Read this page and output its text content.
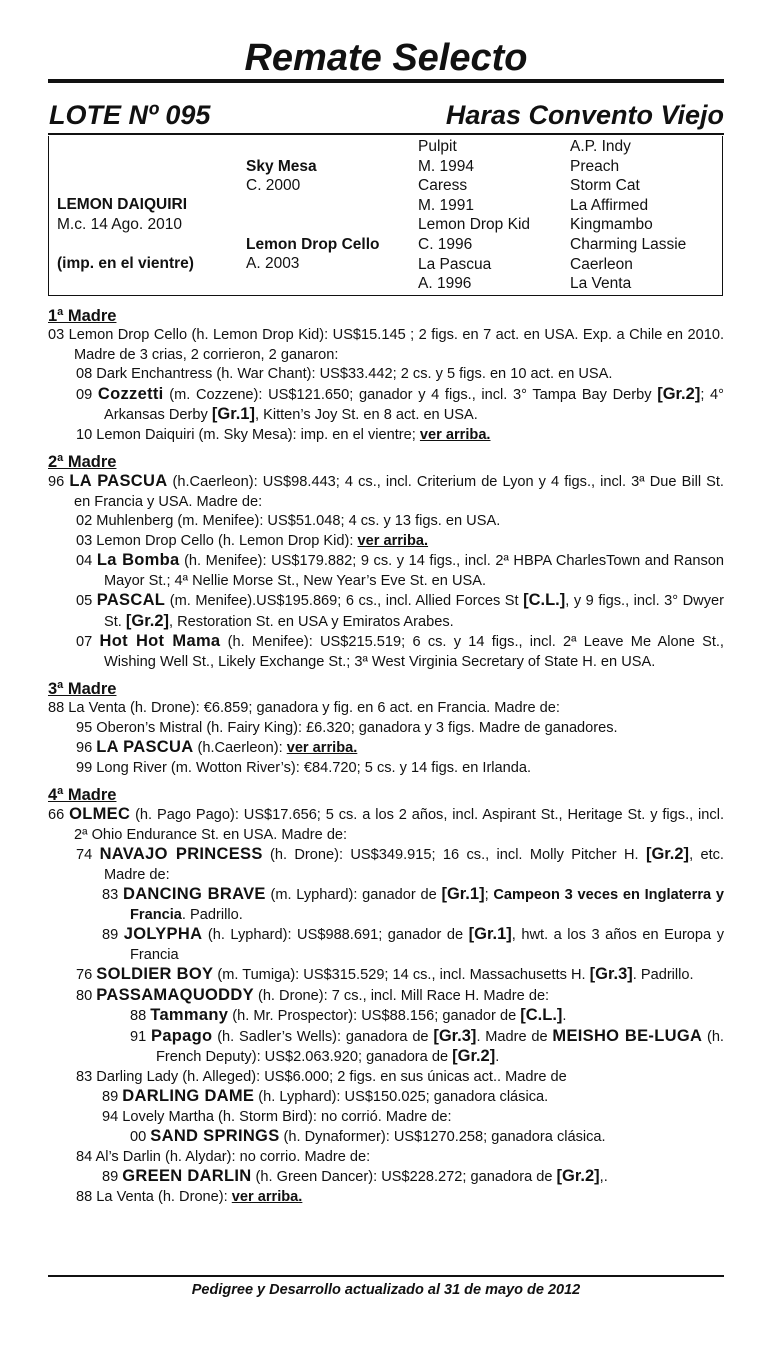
Remate Selecto
LOTE Nº 095	Haras Convento Viejo
LEMON DAIQUIRI
M.c. 14 Ago. 2010
(imp. en el vientre)
Sky Mesa
C. 2000
Lemon Drop Cello
A. 2003
Pulpit
M. 1994
Caress
M. 1991
Lemon Drop Kid
C. 1996
La Pascua
A. 1996
A.P. Indy
Preach
Storm Cat
La Affirmed
Kingmambo
Charming Lassie
Caerleon
La Venta
1ª Madre
03 Lemon Drop Cello (h. Lemon Drop Kid): US$15.145 ; 2 figs. en 7 act. en USA. Exp. a Chile en 2010. Madre de 3 crias, 2 corrieron, 2 ganaron:
08 Dark Enchantress (h. War Chant): US$33.442; 2 cs. y 5 figs. en 10 act. en USA.
09 Cozzetti (m. Cozzene): US$121.650; ganador y 4 figs., incl. 3° Tampa Bay Derby [Gr.2]; 4° Arkansas Derby [Gr.1], Kitten’s Joy St. en 8 act. en USA.
10 Lemon Daiquiri (m. Sky Mesa): imp. en el vientre; ver arriba.
2ª Madre
96 LA PASCUA (h.Caerleon): US$98.443; 4 cs., incl. Criterium de Lyon y 4 figs., incl. 3ª Due Bill St. en Francia y USA. Madre de:
02 Muhlenberg (m. Menifee): US$51.048; 4 cs. y 13 figs. en USA.
03 Lemon Drop Cello (h. Lemon Drop Kid): ver arriba.
04 La Bomba (h. Menifee): US$179.882; 9 cs. y 14 figs., incl. 2ª HBPA CharlesTown and Ranson Mayor St.; 4ª Nellie Morse St., New Year’s Eve St. en USA.
05 PASCAL (m. Menifee).US$195.869; 6 cs., incl. Allied Forces St [C.L.], y 9 figs., incl. 3° Dwyer St. [Gr.2], Restoration St. en USA y Emiratos Arabes.
07 Hot Hot Mama (h. Menifee): US$215.519; 6 cs. y 14 figs., incl. 2ª Leave Me Alone St., Wishing Well St., Likely Exchange St.; 3ª West Virginia Secretary of State H. en USA.
3ª Madre
88 La Venta (h. Drone): €6.859; ganadora y fig. en 6 act. en Francia. Madre de:
95 Oberon’s Mistral (h. Fairy King): £6.320; ganadora y 3 figs. Madre de ganadores.
96 LA PASCUA (h.Caerleon): ver arriba.
99 Long River (m. Wotton River’s): €84.720; 5 cs. y 14 figs. en Irlanda.
4ª Madre
66 OLMEC (h. Pago Pago): US$17.656; 5 cs. a los 2 años, incl. Aspirant St., Heritage St. y figs., incl. 2ª Ohio Endurance St. en USA. Madre de:
74 NAVAJO PRINCESS (h. Drone): US$349.915; 16 cs., incl. Molly Pitcher H. [Gr.2], etc. Madre de:
83 DANCING BRAVE (m. Lyphard): ganador de [Gr.1]; Campeon 3 veces en Inglaterra y Francia. Padrillo.
89 JOLYPHA (h. Lyphard): US$988.691; ganador de [Gr.1], hwt. a los 3 años en Europa y Francia
76 SOLDIER BOY (m. Tumiga): US$315.529; 14 cs., incl. Massachusetts H. [Gr.3]. Padrillo.
80 PASSAMAQUODDY (h. Drone): 7 cs., incl. Mill Race H. Madre de:
88 Tammany (h. Mr. Prospector): US$88.156; ganador de [C.L.].
91 Papago (h. Sadler’s Wells): ganadora de [Gr.3]. Madre de MEISHO BE-LUGA (h. French Deputy): US$2.063.920; ganadora de [Gr.2].
83 Darling Lady (h. Alleged): US$6.000; 2 figs. en sus únicas act.. Madre de
89 DARLING DAME (h. Lyphard): US$150.025; ganadora clásica.
94 Lovely Martha (h. Storm Bird): no corrió. Madre de:
00 SAND SPRINGS (h. Dynaformer): US$1270.258; ganadora clásica.
84 Al’s Darlin (h. Alydar): no corrio. Madre de:
89 GREEN DARLIN (h. Green Dancer): US$228.272; ganadora de [Gr.2],.
88 La Venta (h. Drone): ver arriba.
Pedigree y Desarrollo actualizado al 31 de mayo de 2012
